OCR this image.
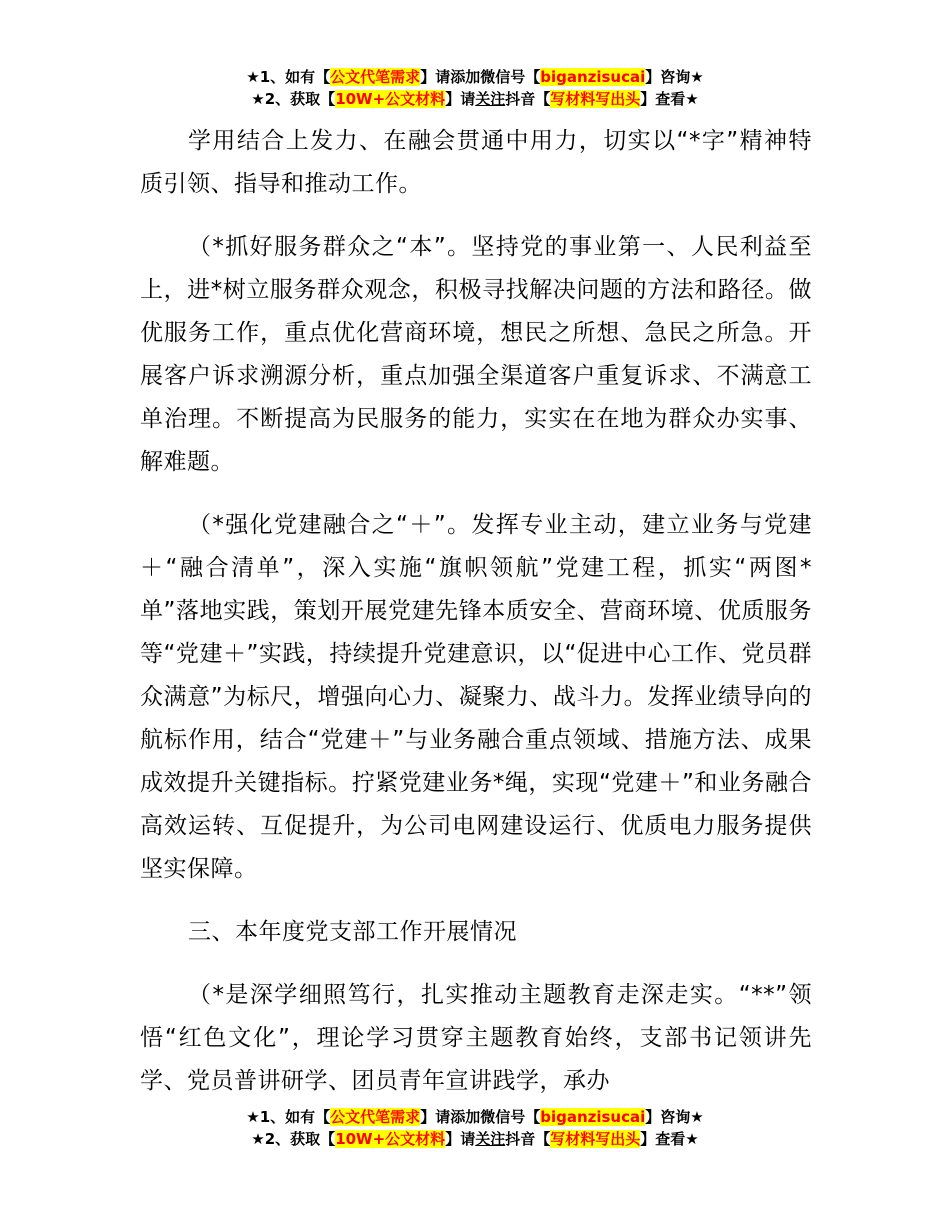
★1、如有【公文代笔需求】请添加微信号【biganzisucai】咨询★
★2、获取【10W+公文材料】请关注抖音【写材料写出头】查看★

学用结合上发力、在融会贯通中用力，切实以“*字”精神特质引领、指导和推动工作。

（*抓好服务群众之“本”。坚持党的事业第一、人民利益至上，进*树立服务群众观念，积极寻找解决问题的方法和路径。做优服务工作，重点优化营商环境，想民之所想、急民之所急。开展客户诉求溯源分析，重点加强全渠道客户重复诉求、不满意工单治理。不断提高为民服务的能力，实实在在地为群众办实事、解难题。

（*强化党建融合之“＋”。发挥专业主动，建立业务与党建＋“融合清单”，深入实施“旗帜领航”党建工程，抓实“两图*单”落地实践，策划开展党建先锋本质安全、营商环境、优质服务等“党建＋”实践，持续提升党建意识，以“促进中心工作、党员群众满意”为标尺，增强向心力、凝聚力、战斗力。发挥业绩导向的航标作用，结合“党建＋”与业务融合重点领域、措施方法、成果成效提升关键指标。拧紧党建业务*绳，实现“党建＋”和业务融合高效运转、互促提升，为公司电网建设运行、优质电力服务提供坚实保障。

三、本年度党支部工作开展情况

（*是深学细照笃行，扎实推动主题教育走深走实。“**”领悟“红色文化”，理论学习贯穿主题教育始终，支部书记领讲先学、党员普讲研学、团员青年宣讲践学，承办

★1、如有【公文代笔需求】请添加微信号【biganzisucai】咨询★
★2、获取【10W+公文材料】请关注抖音【写材料写出头】查看★
